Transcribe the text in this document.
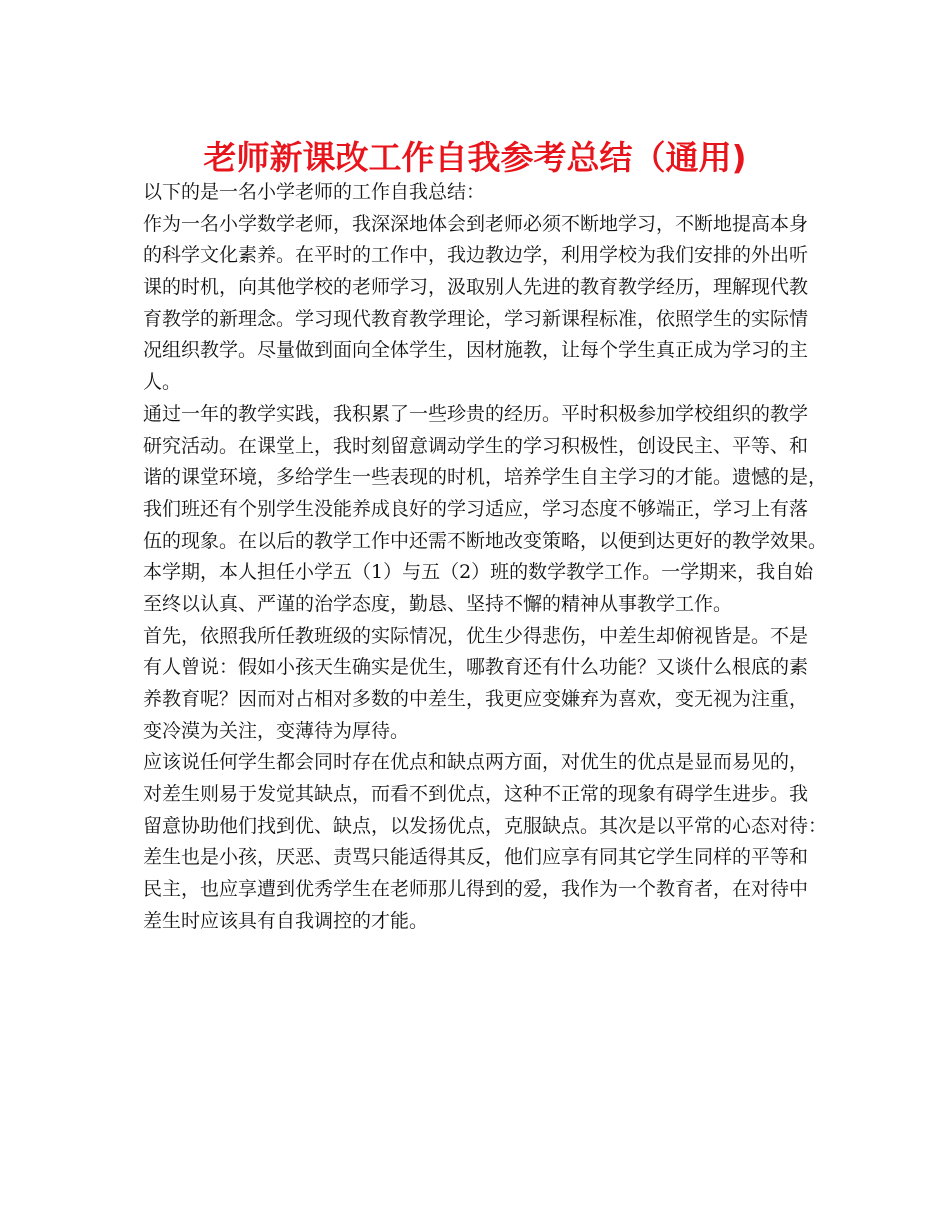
老师新课改工作自我参考总结（通用)
以下的是一名小学老师的工作自我总结：
作为一名小学数学老师，我深深地体会到老师必须不断地学习，不断地提高本身
的科学文化素养。在平时的工作中，我边教边学，利用学校为我们安排的外出听
课的时机，向其他学校的老师学习，汲取别人先进的教育教学经历，理解现代教
育教学的新理念。学习现代教育教学理论，学习新课程标准，依照学生的实际情
况组织教学。尽量做到面向全体学生，因材施教，让每个学生真正成为学习的主
人。
通过一年的教学实践，我积累了一些珍贵的经历。平时积极参加学校组织的教学
研究活动。在课堂上，我时刻留意调动学生的学习积极性，创设民主、平等、和
谐的课堂环境，多给学生一些表现的时机，培养学生自主学习的才能。遗憾的是，
我们班还有个别学生没能养成良好的学习适应，学习态度不够端正，学习上有落
伍的现象。在以后的教学工作中还需不断地改变策略，以便到达更好的教学效果。
本学期，本人担任小学五（1）与五（2）班的数学教学工作。一学期来，我自始
至终以认真、严谨的治学态度，勤恳、坚持不懈的精神从事教学工作。
首先，依照我所任教班级的实际情况，优生少得悲伤，中差生却俯视皆是。不是
有人曾说：假如小孩天生确实是优生，哪教育还有什么功能？又谈什么根底的素
养教育呢？因而对占相对多数的中差生，我更应变嫌弃为喜欢，变无视为注重，
变冷漠为关注，变薄待为厚待。
应该说任何学生都会同时存在优点和缺点两方面，对优生的优点是显而易见的，
对差生则易于发觉其缺点，而看不到优点，这种不正常的现象有碍学生进步。我
留意协助他们找到优、缺点，以发扬优点，克服缺点。其次是以平常的心态对待：
差生也是小孩，厌恶、责骂只能适得其反，他们应享有同其它学生同样的平等和
民主，也应享遭到优秀学生在老师那儿得到的爱，我作为一个教育者，在对待中
差生时应该具有自我调控的才能。
